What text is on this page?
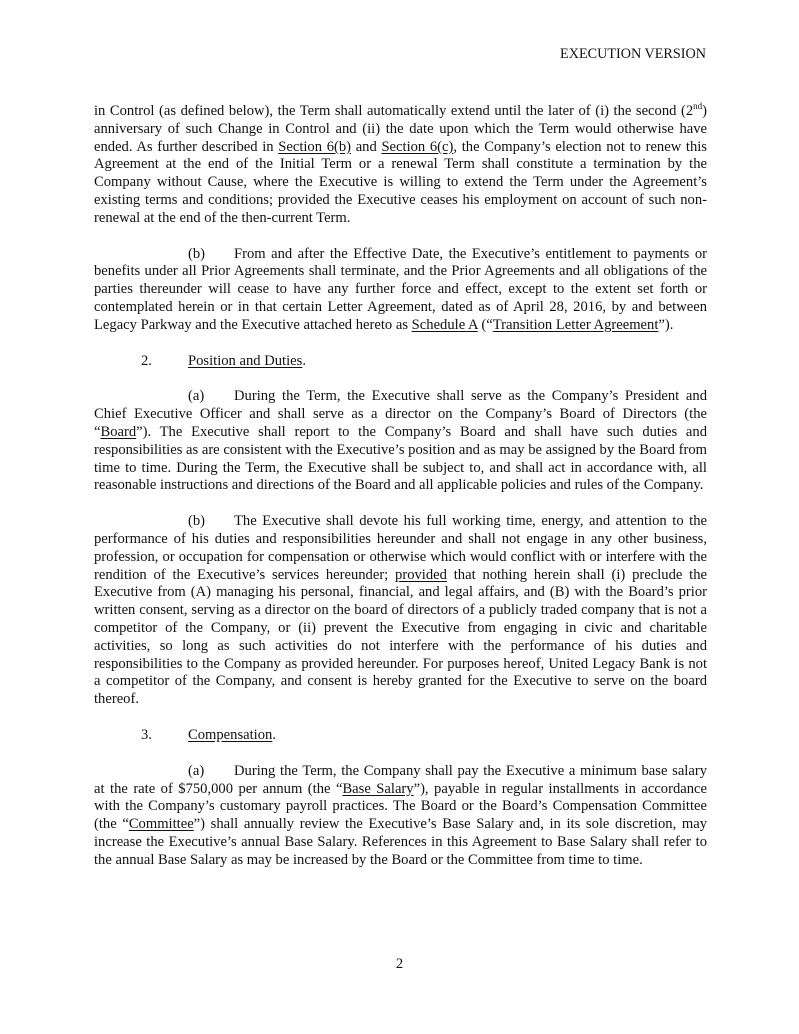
EXECUTION VERSION

in Control (as defined below), the Term shall automatically extend until the later of (i) the second (2nd) anniversary of such Change in Control and (ii) the date upon which the Term would otherwise have ended. As further described in Section 6(b) and Section 6(c), the Company’s election not to renew this Agreement at the end of the Initial Term or a renewal Term shall constitute a termination by the Company without Cause, where the Executive is willing to extend the Term under the Agreement’s existing terms and conditions; provided the Executive ceases his employment on account of such non-renewal at the end of the then-current Term.

(b) From and after the Effective Date, the Executive’s entitlement to payments or benefits under all Prior Agreements shall terminate, and the Prior Agreements and all obligations of the parties thereunder will cease to have any further force and effect, except to the extent set forth or contemplated herein or in that certain Letter Agreement, dated as of April 28, 2016, by and between Legacy Parkway and the Executive attached hereto as Schedule A (“Transition Letter Agreement”).

2. Position and Duties.

(a) During the Term, the Executive shall serve as the Company’s President and Chief Executive Officer and shall serve as a director on the Company’s Board of Directors (the “Board”). The Executive shall report to the Company’s Board and shall have such duties and responsibilities as are consistent with the Executive’s position and as may be assigned by the Board from time to time. During the Term, the Executive shall be subject to, and shall act in accordance with, all reasonable instructions and directions of the Board and all applicable policies and rules of the Company.

(b) The Executive shall devote his full working time, energy, and attention to the performance of his duties and responsibilities hereunder and shall not engage in any other business, profession, or occupation for compensation or otherwise which would conflict with or interfere with the rendition of the Executive’s services hereunder; provided that nothing herein shall (i) preclude the Executive from (A) managing his personal, financial, and legal affairs, and (B) with the Board’s prior written consent, serving as a director on the board of directors of a publicly traded company that is not a competitor of the Company, or (ii) prevent the Executive from engaging in civic and charitable activities, so long as such activities do not interfere with the performance of his duties and responsibilities to the Company as provided hereunder. For purposes hereof, United Legacy Bank is not a competitor of the Company, and consent is hereby granted for the Executive to serve on the board thereof.

3. Compensation.

(a) During the Term, the Company shall pay the Executive a minimum base salary at the rate of $750,000 per annum (the “Base Salary”), payable in regular installments in accordance with the Company’s customary payroll practices. The Board or the Board’s Compensation Committee (the “Committee”) shall annually review the Executive’s Base Salary and, in its sole discretion, may increase the Executive’s annual Base Salary. References in this Agreement to Base Salary shall refer to the annual Base Salary as may be increased by the Board or the Committee from time to time.

2
